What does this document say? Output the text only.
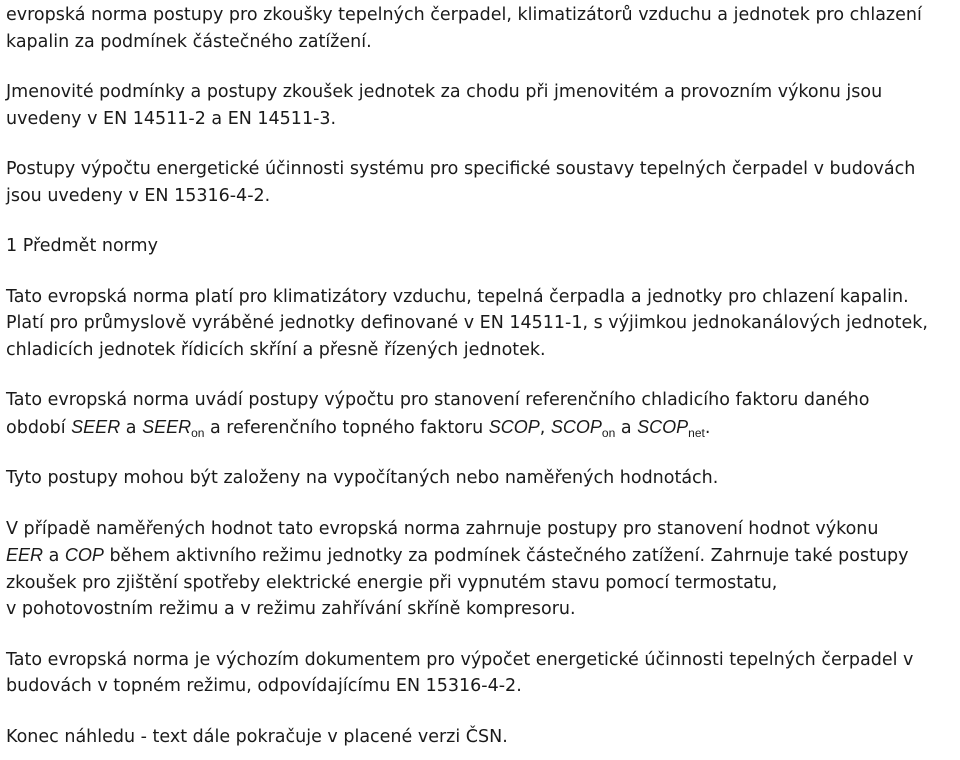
evropská norma postupy pro zkoušky tepelných čerpadel, klimatizátorů vzduchu a jednotek pro chlazení kapalin za podmínek částečného zatížení.

Jmenovité podmínky a postupy zkoušek jednotek za chodu při jmenovitém a provozním výkonu jsou uvedeny v EN 14511-2 a EN 14511-3.

Postupy výpočtu energetické účinnosti systému pro specifické soustavy tepelných čerpadel v budovách jsou uvedeny v EN 15316-4-2.

1 Předmět normy

Tato evropská norma platí pro klimatizátory vzduchu, tepelná čerpadla a jednotky pro chlazení kapalin. Platí pro průmyslově vyráběné jednotky definované v EN 14511-1, s výjimkou jednokanálových jednotek, chladicích jednotek řídicích skříní a přesně řízených jednotek.

Tato evropská norma uvádí postupy výpočtu pro stanovení referenčního chladicího faktoru daného
období SEER a $SEER_{on}$ a referenčního topného faktoru SCOP, $SCOP_{on}$ a $SCOP_{net}$.

Tyto postupy mohou být založeny na vypočítaných nebo naměřených hodnotách.

V případě naměřených hodnot tato evropská norma zahrnuje postupy pro stanovení hodnot výkonu
EER a COP během aktivního režimu jednotky za podmínek částečného zatížení. Zahrnuje také postupy
zkoušek pro zjištění spotřeby elektrické energie při vypnutém stavu pomocí termostatu,
v pohotovostním režimu a v režimu zahřívání skříně kompresoru.

Tato evropská norma je výchozím dokumentem pro výpočet energetické účinnosti tepelných čerpadel v budovách v topném režimu, odpovídajícímu EN 15316-4-2.

Konec náhledu - text dále pokračuje v placené verzi ČSN.
